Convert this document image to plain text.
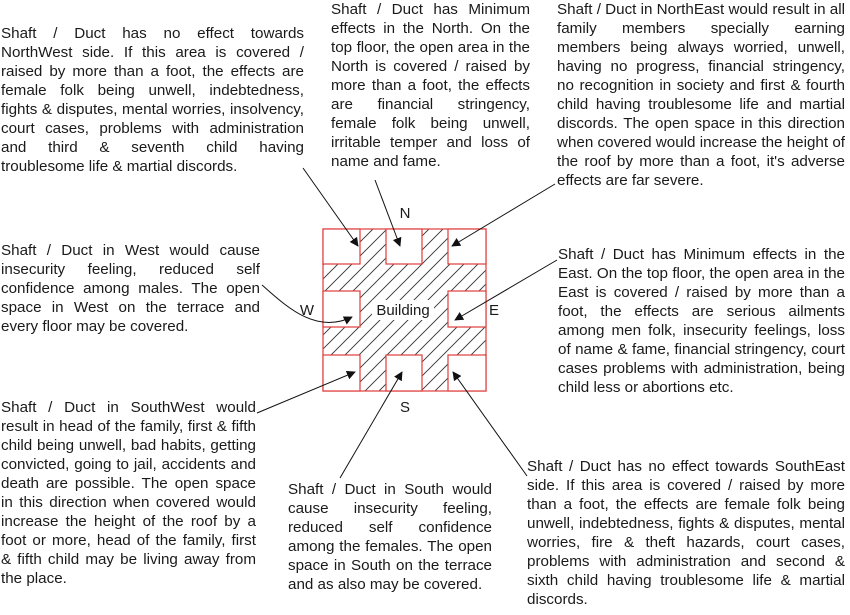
Shaft / Duct has no effect towards NorthWest side. If this area is covered / raised by more than a foot, the effects are female folk being unwell, indebtedness, fights & disputes, mental worries, insolvency, court cases, problems with administration and third & seventh child having troublesome life & martial discords.

Shaft / Duct has Minimum effects in the North. On the top floor, the open area in the North is covered / raised by more than a foot, the effects are financial stringency, female folk being unwell, irritable temper and loss of name and fame.

Shaft / Duct in NorthEast would result in all family members specially earning members being always worried, unwell, having no progress, financial stringency, no recognition in society and first & fourth child having troublesome life and martial discords. The open space in this direction when covered would increase the height of the roof by more than a foot, it's adverse effects are far severe.

Shaft / Duct in West would cause insecurity feeling, reduced self confidence among males. The open space in West on the terrace and every floor may be covered.

Shaft / Duct has Minimum effects in the East. On the top floor, the open area in the East is covered / raised by more than a foot, the effects are serious ailments among men folk, insecurity feelings, loss of name & fame, financial stringency, court cases problems with administration, being child less or abortions etc.

Shaft / Duct in SouthWest would result in head of the family, first & fifth child being unwell, bad habits, getting convicted, going to jail, accidents and death are possible. The open space in this direction when covered would increase the height of the roof by a foot or more, head of the family, first & fifth child may be living away from the place.

Shaft / Duct in South would cause insecurity feeling, reduced self confidence among the females. The open space in South on the terrace and as also may be covered.

Shaft / Duct has no effect towards SouthEast side. If this area is covered / raised by more than a foot, the effects are female folk being unwell, indebtedness, fights & disputes, mental worries, fire & theft hazards, court cases, problems with administration and second & sixth child having troublesome life & martial discords.

Building
N
S
W	E
